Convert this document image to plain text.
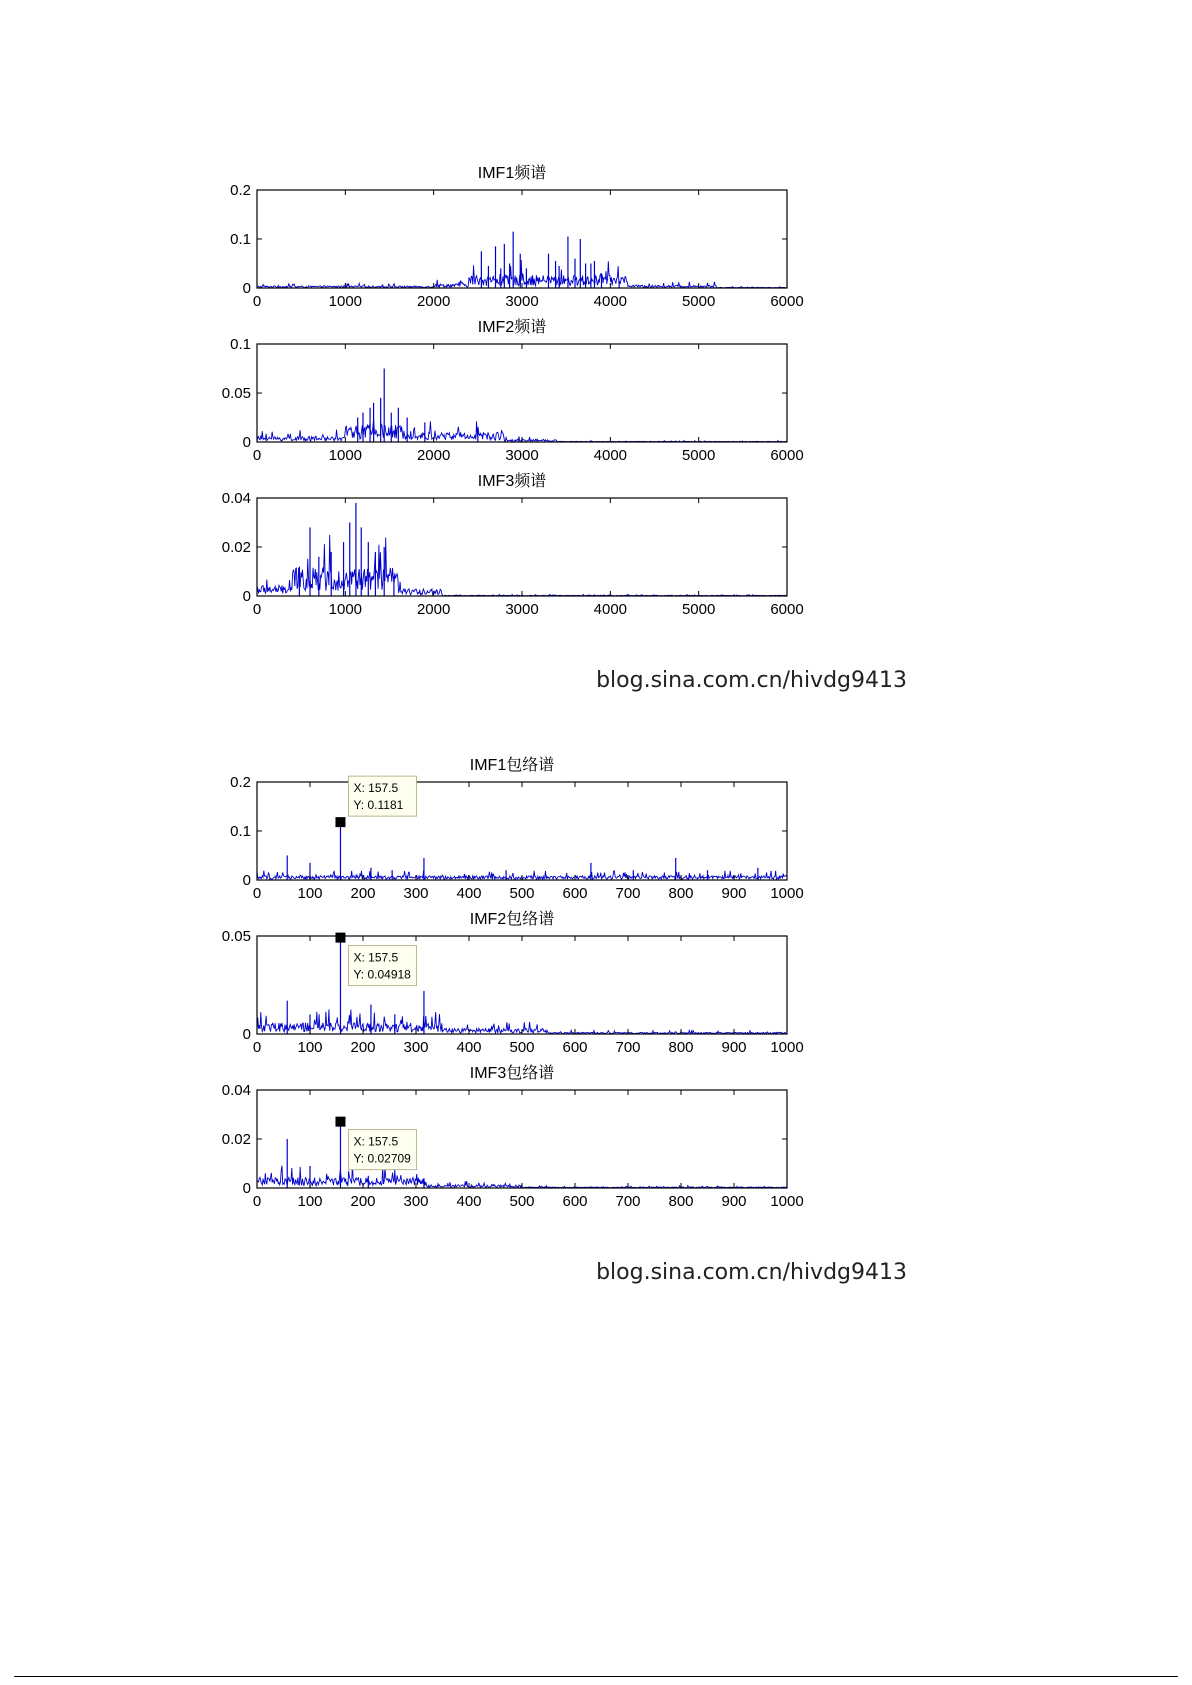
IMF1频谱
0	1000	2000	3000	4000	5000	6000
0
0.1
0.2
IMF2频谱
0	1000	2000	3000	4000	5000	6000
0
0.05
0.1
IMF3频谱
0	1000	2000	3000	4000	5000	6000
0
0.02
0.04
blog.sina.com.cn/hivdg9413
IMF1包络谱
0 100 200 300 400 500 600 700 800 900 1000
0
0.1
0.2	X: 157.5
Y: 0.1181
IMF2包络谱
0 100 200 300 400 500 600 700 800 900 1000
0
0.05
X: 157.5
Y: 0.04918
IMF3包络谱
0 100 200 300 400 500 600 700 800 900 1000
0
0.02
0.04
X: 157.5
Y: 0.02709
blog.sina.com.cn/hivdg9413
